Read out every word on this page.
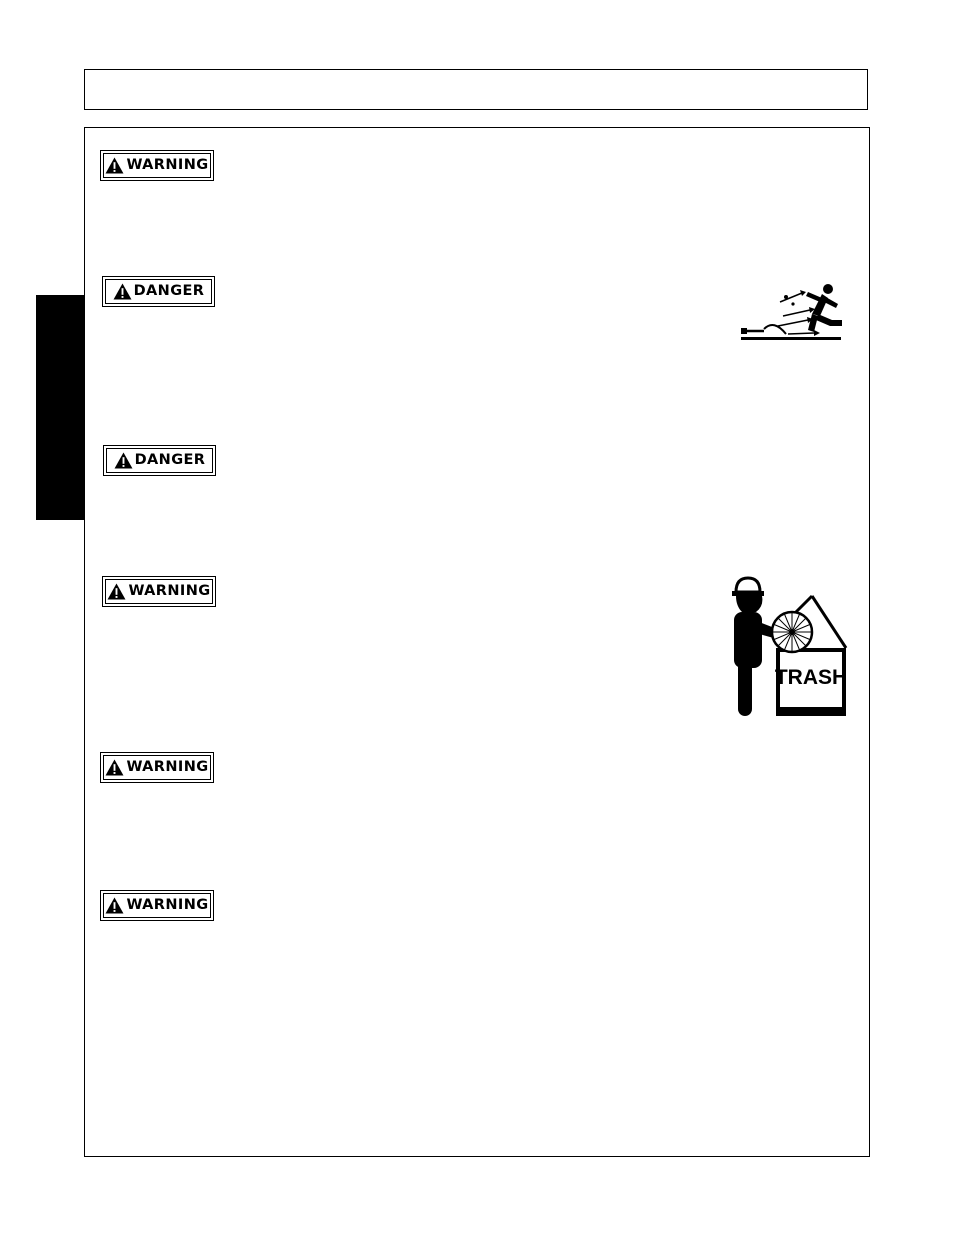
WARNING
DANGER
DANGER
WARNING
WARNING
WARNING
TRASH
